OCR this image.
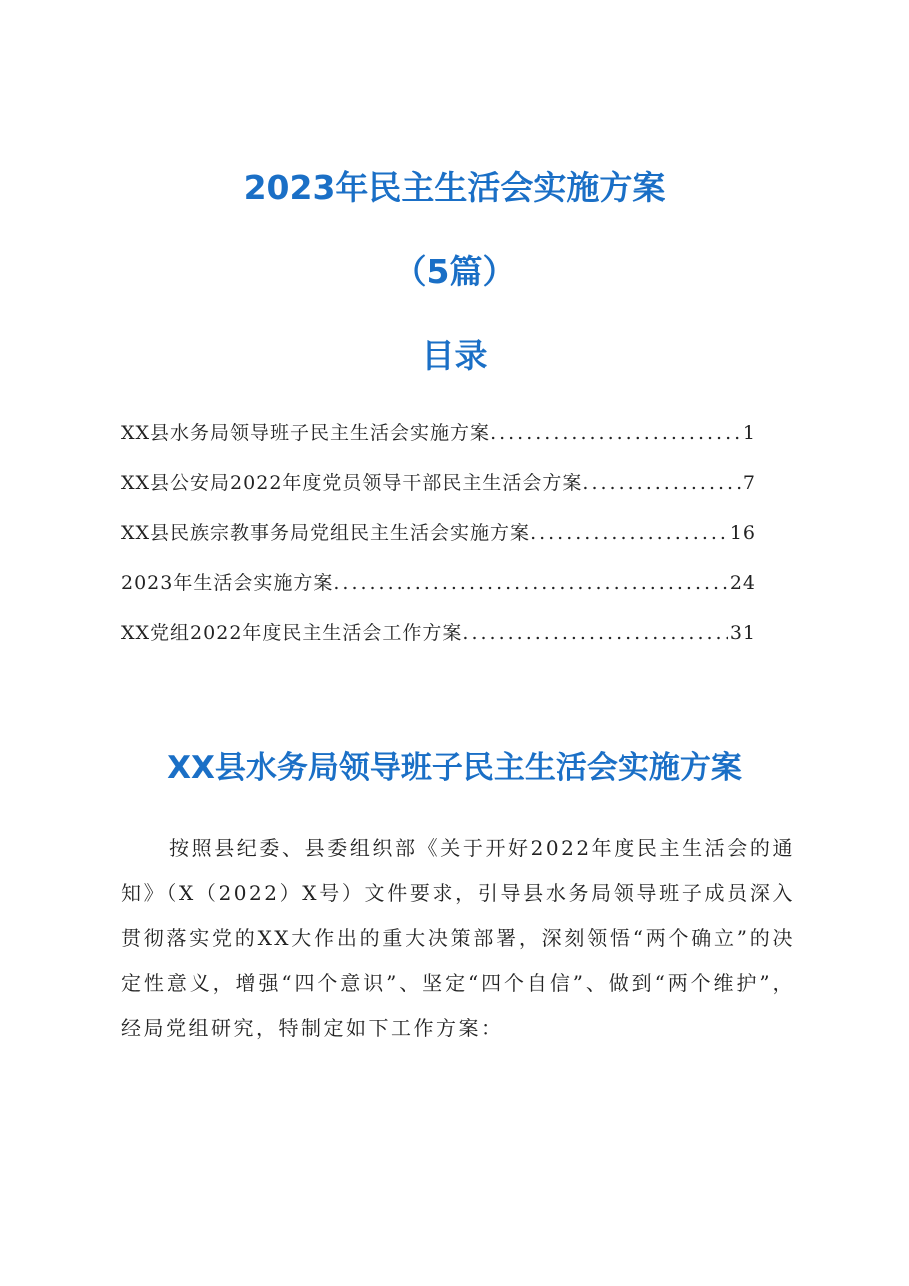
2023年民主生活会实施方案
（5篇）
目录
XX县水务局领导班子民主生活会实施方案 .....	1
XX县公安局2022年度党员领导干部民主生活会方案 .....	7
XX县民族宗教事务局党组民主生活会实施方案 .....	16
2023年生活会实施方案 .....	24
XX党组2022年度民主生活会工作方案 .....	31
XX县水务局领导班子民主生活会实施方案

按照县纪委、县委组织部《关于开好2022年度民主生活会的通知》（X（2022）X号）文件要求，引导县水务局领导班子成员深入贯彻落实党的XX大作出的重大决策部署，深刻领悟“两个确立”的决定性意义，增强“四个意识”、坚定“四个自信”、做到“两个维护”，经局党组研究，特制定如下工作方案：
